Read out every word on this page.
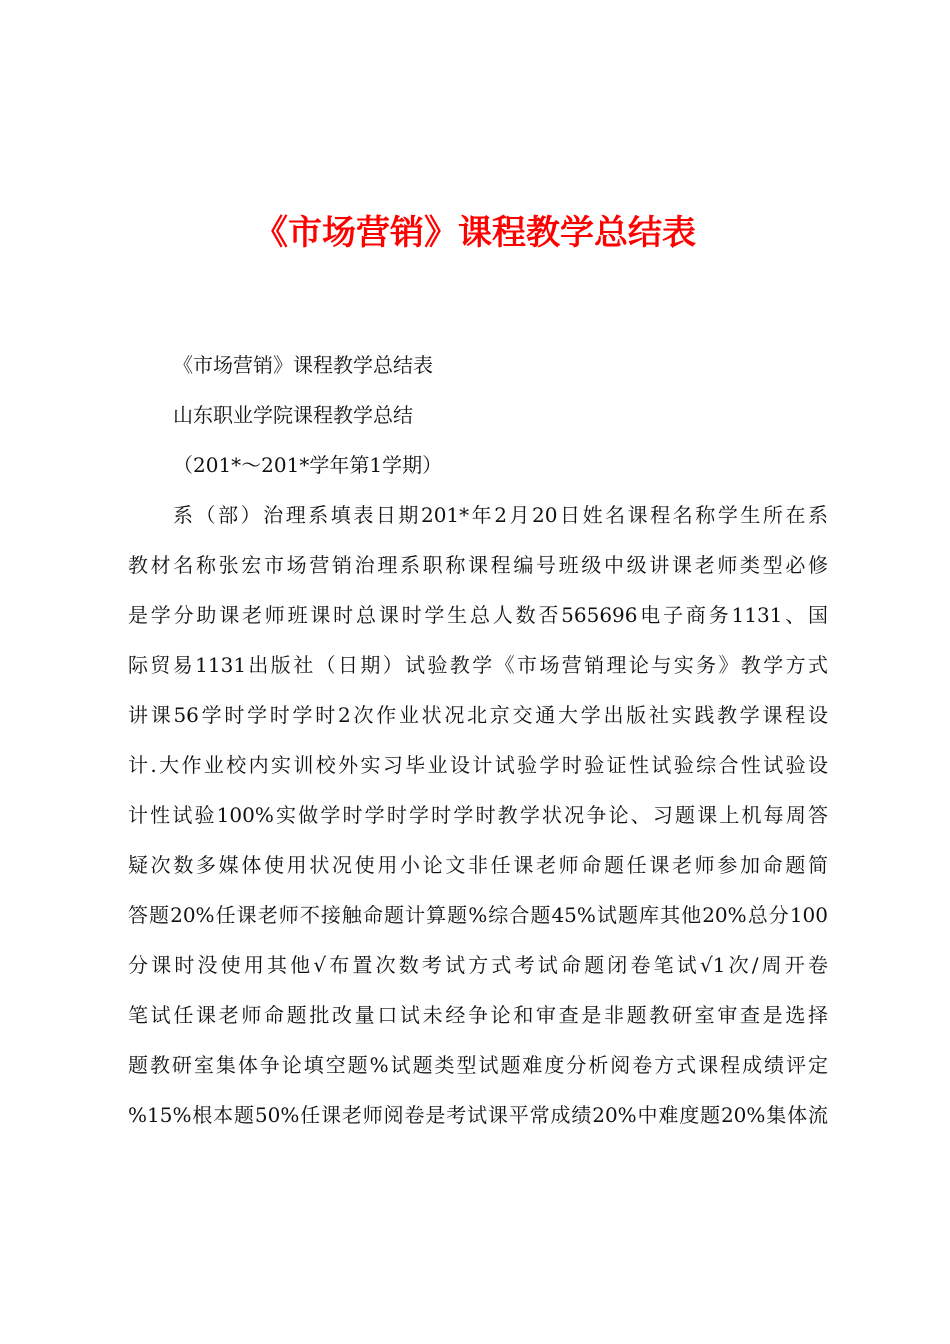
《市场营销》课程教学总结表

《市场营销》课程教学总结表

山东职业学院课程教学总结

（201*～201*学年第1学期）

系（部）治理系填表日期201*年2月20日姓名课程名称学生所在系

教材名称张宏市场营销治理系职称课程编号班级中级讲课老师类型必修

是学分助课老师班课时总课时学生总人数否565696电子商务1131、国

际贸易1131出版社（日期）试验教学《市场营销理论与实务》教学方式

讲课56学时学时学时2次作业状况北京交通大学出版社实践教学课程设

计.大作业校内实训校外实习毕业设计试验学时验证性试验综合性试验设

计性试验100%实做学时学时学时学时教学状况争论、习题课上机每周答

疑次数多媒体使用状况使用小论文非任课老师命题任课老师参加命题简

答题20%任课老师不接触命题计算题%综合题45%试题库其他20%总分100

分课时没使用其他√布置次数考试方式考试命题闭卷笔试√1次/周开卷

笔试任课老师命题批改量口试未经争论和审查是非题教研室审查是选择

题教研室集体争论填空题%试题类型试题难度分析阅卷方式课程成绩评定

%15%根本题50%任课老师阅卷是考试课平常成绩20%中难度题20%集体流
